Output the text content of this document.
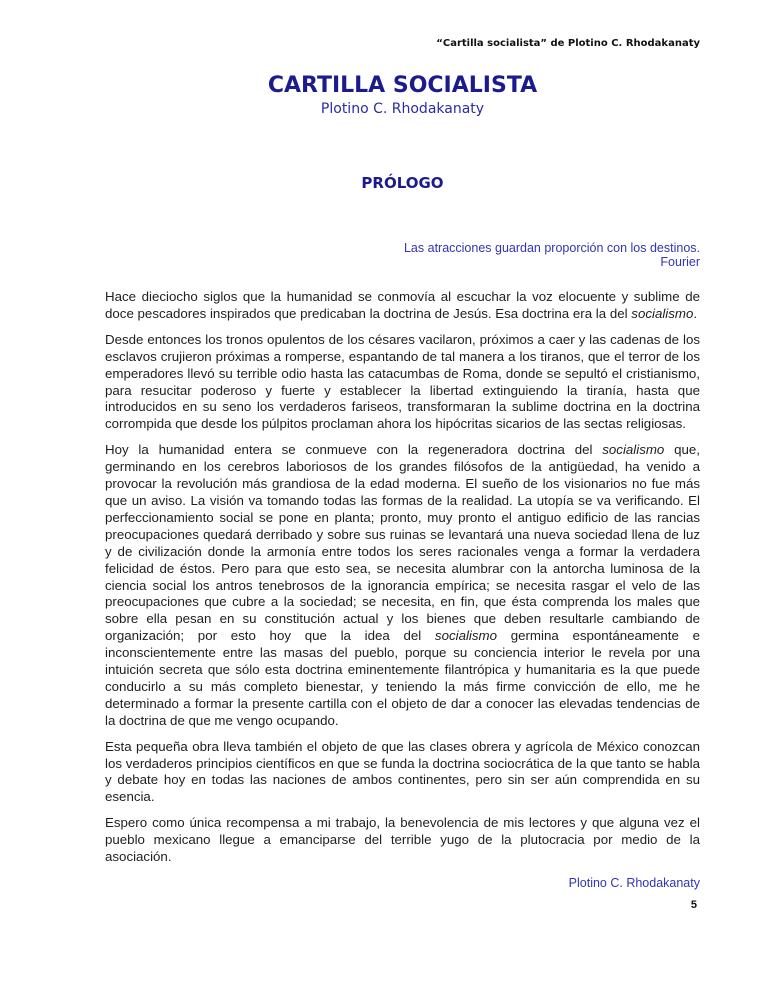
“Cartilla socialista” de Plotino C. Rhodakanaty
CARTILLA SOCIALISTA
Plotino C. Rhodakanaty
PRÓLOGO
Las atracciones guardan proporción con los destinos.
Fourier

Hace dieciocho siglos que la humanidad se conmovía al escuchar la voz elocuente y sublime de doce pescadores inspirados que predicaban la doctrina de Jesús. Esa doctrina era la del socialismo.

Desde entonces los tronos opulentos de los césares vacilaron, próximos a caer y las cadenas de los esclavos crujieron próximas a romperse, espantando de tal manera a los tiranos, que el terror de los emperadores llevó su terrible odio hasta las catacumbas de Roma, donde se sepultó el cristianismo, para resucitar poderoso y fuerte y establecer la libertad extinguiendo la tiranía, hasta que introducidos en su seno los verdaderos fariseos, transformaran la sublime doctrina en la doctrina corrompida que desde los púlpitos proclaman ahora los hipócritas sicarios de las sectas religiosas.

Hoy la humanidad entera se conmueve con la regeneradora doctrina del socialismo que, germinando en los cerebros laboriosos de los grandes filósofos de la antigüedad, ha venido a provocar la revolución más grandiosa de la edad moderna. El sueño de los visionarios no fue más que un aviso. La visión va tomando todas las formas de la realidad. La utopía se va verificando. El perfeccionamiento social se pone en planta; pronto, muy pronto el antiguo edificio de las rancias preocupaciones quedará derribado y sobre sus ruinas se levantará una nueva sociedad llena de luz y de civilización donde la armonía entre todos los seres racionales venga a formar la verdadera felicidad de éstos. Pero para que esto sea, se necesita alumbrar con la antorcha luminosa de la ciencia social los antros tenebrosos de la ignorancia empírica; se necesita rasgar el velo de las preocupaciones que cubre a la sociedad; se necesita, en fin, que ésta comprenda los males que sobre ella pesan en su constitución actual y los bienes que deben resultarle cambiando de organización; por esto hoy que la idea del socialismo germina espontáneamente e inconscientemente entre las masas del pueblo, porque su conciencia interior le revela por una intuición secreta que sólo esta doctrina eminentemente filantrópica y humanitaria es la que puede conducirlo a su más completo bienestar, y teniendo la más firme convicción de ello, me he determinado a formar la presente cartilla con el objeto de dar a conocer las elevadas tendencias de la doctrina de que me vengo ocupando.

Esta pequeña obra lleva también el objeto de que las clases obrera y agrícola de México conozcan los verdaderos principios científicos en que se funda la doctrina sociocrática de la que tanto se habla y debate hoy en todas las naciones de ambos continentes, pero sin ser aún comprendida en su esencia.

Espero como única recompensa a mi trabajo, la benevolencia de mis lectores y que alguna vez el pueblo mexicano llegue a emanciparse del terrible yugo de la plutocracia por medio de la asociación.

Plotino C. Rhodakanaty
5
